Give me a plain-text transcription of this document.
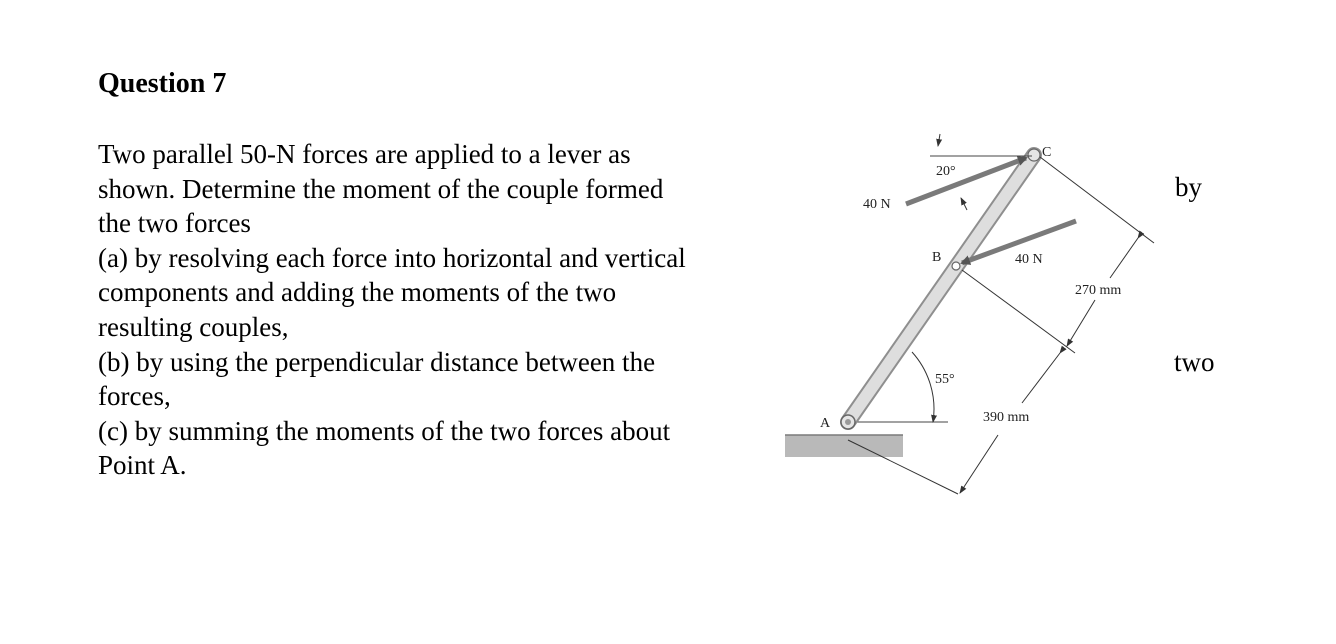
Question 7
Two parallel 50-N forces are applied to a lever as
shown. Determine the moment of the couple formed
the two forces
(a) by resolving each force into horizontal and vertical
components and adding the moments of the two
resulting couples,
(b) by using the perpendicular distance between the
forces,
(c) by summing the moments of the two forces about
Point A.
by
two
A
B
C
40 N
40 N
20°
55°
270 mm
390 mm
